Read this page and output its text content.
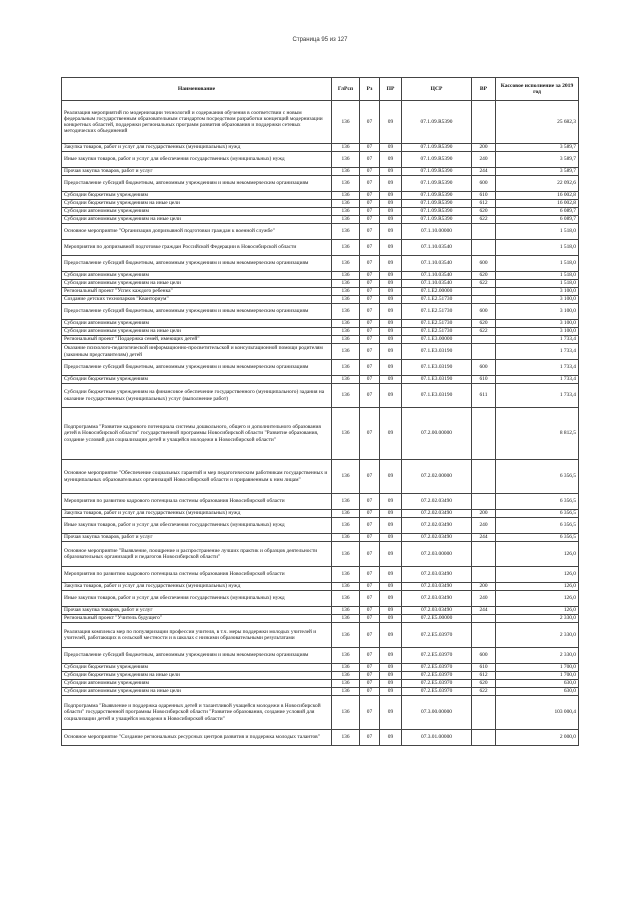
Страница 95 из 127
Наименование	ГлРсп	Рз	ПР	ЦСР	ВР	Кассовое исполнение за 2019 год
Реализация мероприятий по модернизации технологий и содержания обучения в соответствии с новым федеральным государственным образовательным стандартом посредством разработки концепций модернизации конкретных областей, поддержки региональных программ развития образования и поддержки сетевых методических объединений	136	07	09	07.1.09.R5390		25 682,3
Закупка товаров, работ и услуг для государственных (муниципальных) нужд	136	07	09	07.1.09.R5390	200	3 589,7
Иные закупки товаров, работ и услуг для обеспечения государственных (муниципальных) нужд	136	07	09	07.1.09.R5390	240	3 589,7
Прочая закупка товаров, работ и услуг	136	07	09	07.1.09.R5390	244	3 589,7
Предоставление субсидий бюджетным, автономным учреждениям и иным некоммерческим организациям	136	07	09	07.1.09.R5390	600	22 092,6
Субсидии бюджетным учреждениям	136	07	09	07.1.09.R5390	610	16 002,8
Субсидии бюджетным учреждениям на иные цели	136	07	09	07.1.09.R5390	612	16 002,8
Субсидии автономным учреждениям	136	07	09	07.1.09.R5390	620	6 089,7
Субсидии автономным учреждениям на иные цели	136	07	09	07.1.09.R5390	622	6 089,7
Основное мероприятие "Организация допризывной подготовки граждан к военной службе"	136	07	09	07.1.10.00000		1 518,0
Мероприятия по допризывной подготовке граждан Российской Федерации в Новосибирской области	136	07	09	07.1.10.03540		1 518,0
Предоставление субсидий бюджетным, автономным учреждениям и иным некоммерческим организациям	136	07	09	07.1.10.03540	600	1 518,0
Субсидии автономным учреждениям	136	07	09	07.1.10.03540	620	1 518,0
Субсидии автономным учреждениям на иные цели	136	07	09	07.1.10.03540	622	1 518,0
Региональный проект "Успех каждого ребенка"	136	07	09	07.1.E2.00000		3 100,0
Создание детских технопарков "Кванториум"	136	07	09	07.1.E2.51730		3 100,0
Предоставление субсидий бюджетным, автономным учреждениям и иным некоммерческим организациям	136	07	09	07.1.E2.51730	600	3 100,0
Субсидии автономным учреждениям	136	07	09	07.1.E2.51730	620	3 100,0
Субсидии автономным учреждениям на иные цели	136	07	09	07.1.E2.51730	622	3 100,0
Региональный проект "Поддержка семей, имеющих детей"	136	07	09	07.1.E3.00000		1 733,4
Оказание психолого-педагогической информационно-просветительской и консультационной помощи родителям (законным представителям) детей	136	07	09	07.1.E3.03190		1 733,4
Предоставление субсидий бюджетным, автономным учреждениям и иным некоммерческим организациям	136	07	09	07.1.E3.03190	600	1 733,4
Субсидии бюджетным учреждениям	136	07	09	07.1.E3.03190	610	1 733,4
Субсидии бюджетным учреждениям на финансовое обеспечение государственного (муниципального) задания на оказание государственных (муниципальных) услуг (выполнение работ)	136	07	09	07.1.E3.03190	611	1 733,4
Подпрограмма "Развитие кадрового потенциала системы дошкольного, общего и дополнительного образования детей в Новосибирской области" государственной программы Новосибирской области "Развитие образования, создание условий для социализации детей и учащейся молодежи в Новосибирской области"	136	07	09	07.2.00.00000		8 812,5
Основное мероприятие "Обеспечение социальных гарантий и мер педагогическим работникам государственных и муниципальных образовательных организаций Новосибирской области и приравненным к ним лицам"	136	07	09	07.2.02.00000		6 356,5
Мероприятия по развитию кадрового потенциала системы образования Новосибирской области	136	07	09	07.2.02.03490		6 356,5
Закупка товаров, работ и услуг для государственных (муниципальных) нужд	136	07	09	07.2.02.03490	200	6 356,5
Иные закупки товаров, работ и услуг для обеспечения государственных (муниципальных) нужд	136	07	09	07.2.02.03490	240	6 356,5
Прочая закупка товаров, работ и услуг	136	07	09	07.2.02.03490	244	6 356,5
Основное мероприятие "Выявление, поощрение и распространение лучших практик и образцов деятельности образовательных организаций и педагогов Новосибирской области"	136	07	09	07.2.03.00000		126,0
Мероприятия по развитию кадрового потенциала системы образования Новосибирской области	136	07	09	07.2.03.03490		126,0
Закупка товаров, работ и услуг для государственных (муниципальных) нужд	136	07	09	07.2.03.03490	200	126,0
Иные закупки товаров, работ и услуг для обеспечения государственных (муниципальных) нужд	136	07	09	07.2.03.03490	240	126,0
Прочая закупка товаров, работ и услуг	136	07	09	07.2.03.03490	244	126,0
Региональный проект "Учитель будущего"	136	07	09	07.2.E5.00000		2 330,0
Реализация комплекса мер по популяризации профессии учителя, в т.ч. меры поддержки молодых учителей и учителей, работающих в сельской местности и в школах с низкими образовательными результатами	136	07	09	07.2.E5.03970		2 330,0
Предоставление субсидий бюджетным, автономным учреждениям и иным некоммерческим организациям	136	07	09	07.2.E5.03970	600	2 330,0
Субсидии бюджетным учреждениям	136	07	09	07.2.E5.03970	610	1 700,0
Субсидии бюджетным учреждениям на иные цели	136	07	09	07.2.E5.03970	612	1 700,0
Субсидии автономным учреждениям	136	07	09	07.2.E5.03970	620	630,0
Субсидии автономным учреждениям на иные цели	136	07	09	07.2.E5.03970	622	630,0
Подпрограмма "Выявление и поддержка одаренных детей и талантливой учащейся молодежи в Новосибирской области" государственной программы Новосибирской области "Развитие образования, создание условий для социализации детей и учащейся молодежи в Новосибирской области"	136	07	09	07.3.00.00000		103 000,4
Основное мероприятие "Создание региональных ресурсных центров развития и поддержка молодых талантов"	136	07	09	07.3.01.00000		2 000,0
